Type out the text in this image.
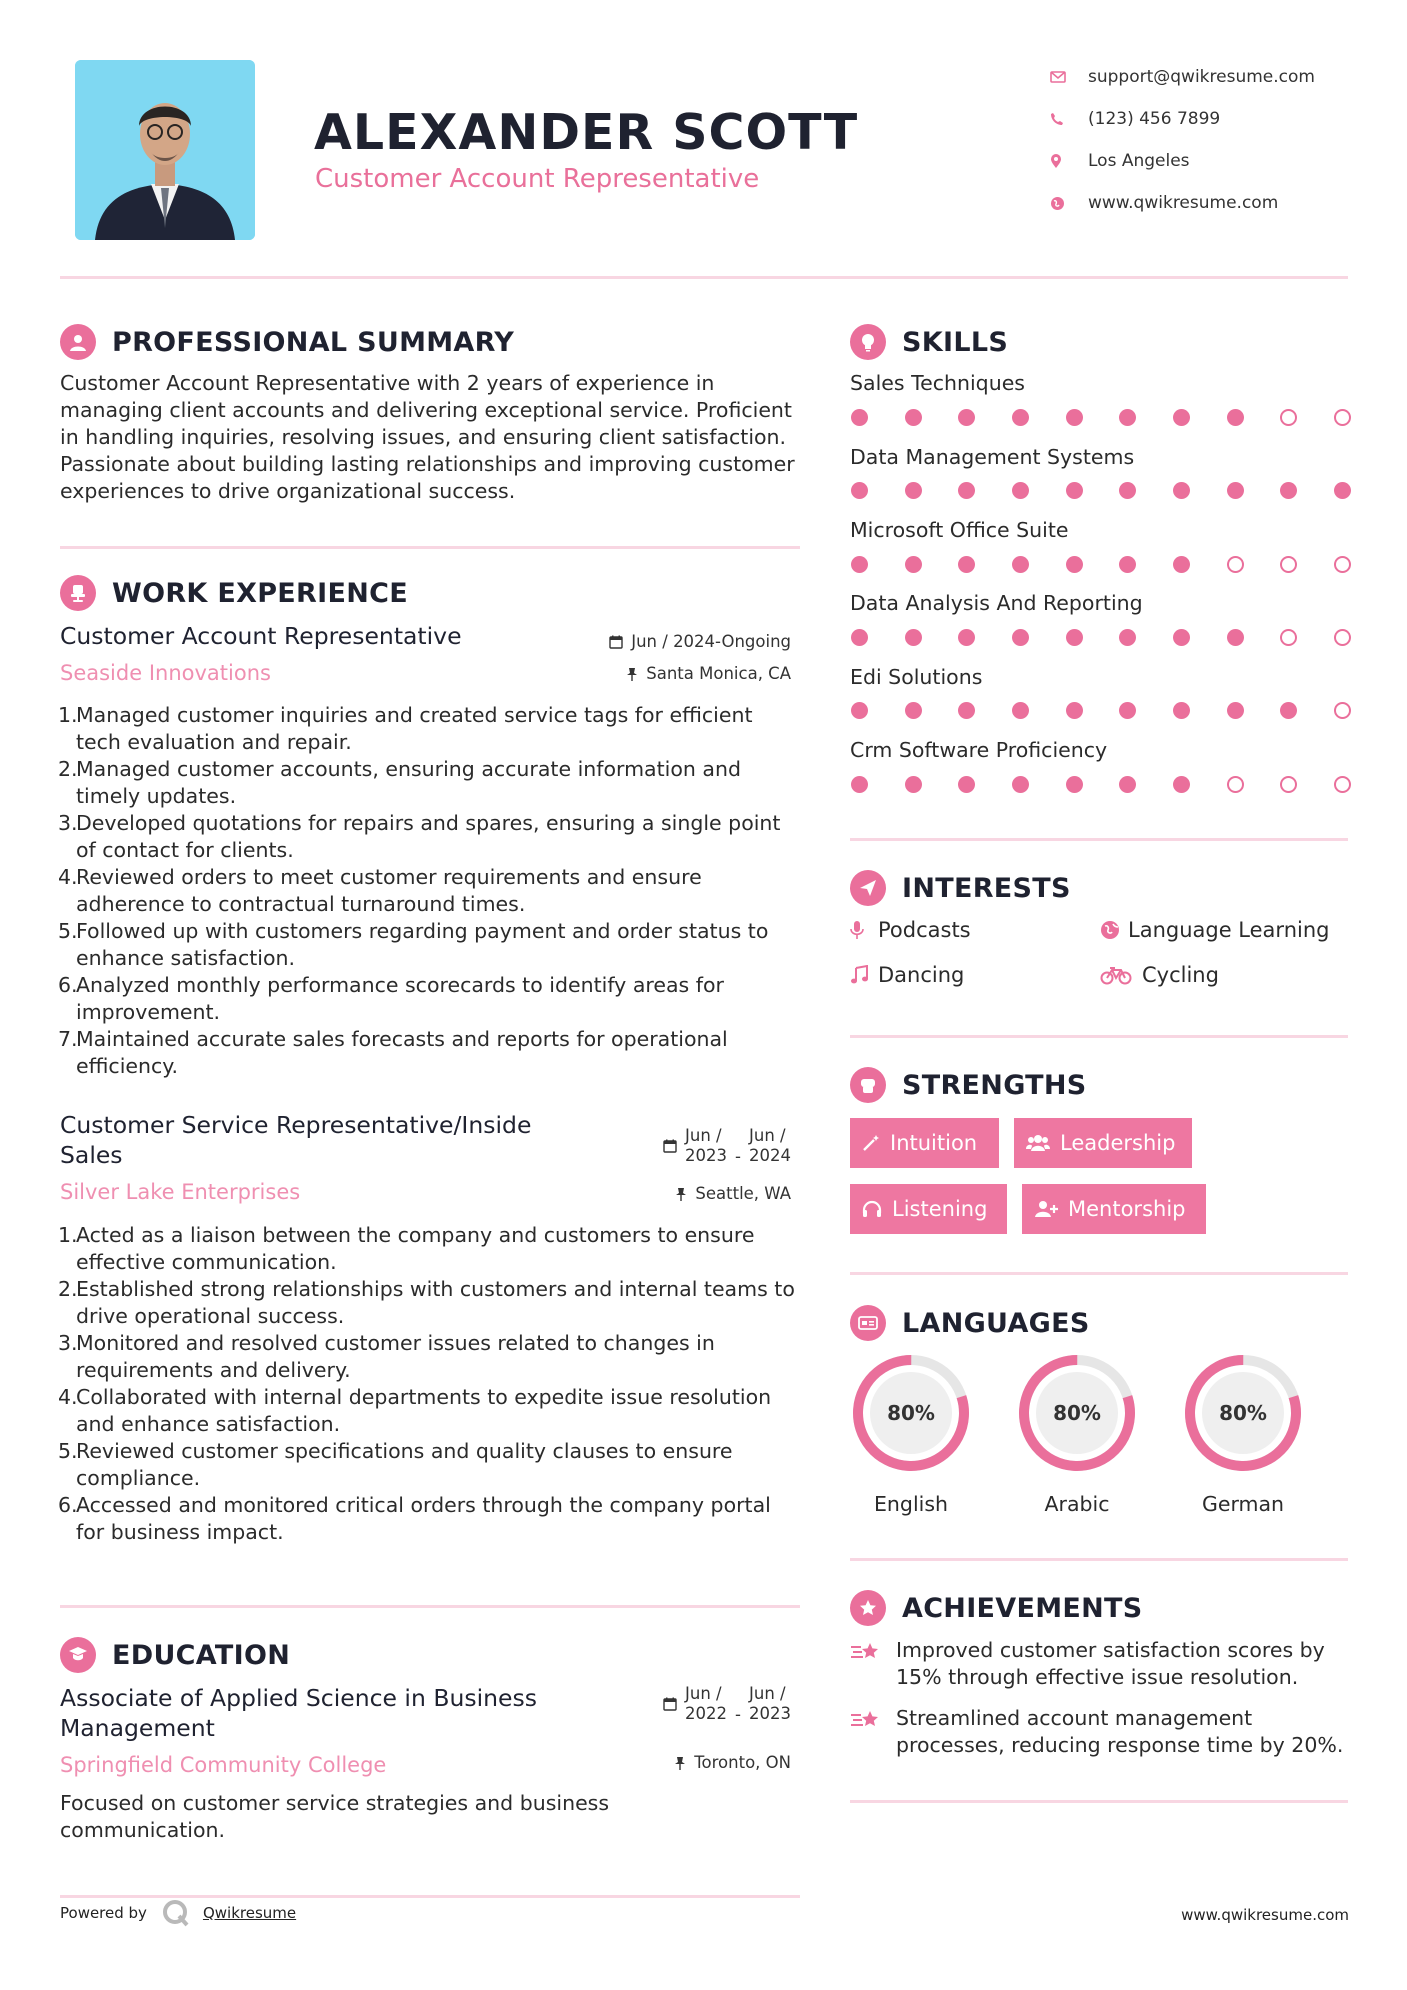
ALEXANDER SCOTT
Customer Account Representative
support@qwikresume.com
(123) 456 7899
Los Angeles
www.qwikresume.com
PROFESSIONAL SUMMARY
Customer Account Representative with 2 years of experience in managing client accounts and delivering exceptional service. Proficient in handling inquiries, resolving issues, and ensuring client satisfaction. Passionate about building lasting relationships and improving customer experiences to drive organizational success.
WORK EXPERIENCE
Customer Account Representative	Jun / 2024-Ongoing
Seaside Innovations	Santa Monica, CA
1.
Managed customer inquiries and created service tags for efficient tech evaluation and repair.
2.
Managed customer accounts, ensuring accurate information and timely updates.
3.
Developed quotations for repairs and spares, ensuring a single point of contact for clients.
4.
Reviewed orders to meet customer requirements and ensure adherence to contractual turnaround times.
5.
Followed up with customers regarding payment and order status to enhance satisfaction.
6.
Analyzed monthly performance scorecards to identify areas for improvement.
7.
Maintained accurate sales forecasts and reports for operational efficiency.
Customer Service Representative/Inside Sales
Jun /
2023 -
Jun /
2024
Silver Lake Enterprises	Seattle, WA
1.
Acted as a liaison between the company and customers to ensure effective communication.
2.
Established strong relationships with customers and internal teams to drive operational success.
3.
Monitored and resolved customer issues related to changes in requirements and delivery.
4.
Collaborated with internal departments to expedite issue resolution and enhance satisfaction.
5.
Reviewed customer specifications and quality clauses to ensure compliance.
6.
Accessed and monitored critical orders through the company portal for business impact.
EDUCATION
Associate of Applied Science in Business Management
Jun /
2022 -
Jun /
2023
Springfield Community College	Toronto, ON
Focused on customer service strategies and business communication.
SKILLS
Sales Techniques
Data Management Systems
Microsoft Office Suite
Data Analysis And Reporting
Edi Solutions
Crm Software Proficiency
INTERESTS
Podcasts	Language Learning
Dancing	Cycling
STRENGTHS
Intuition	Leadership
Listening	Mentorship
LANGUAGES
80%
English
80%
Arabic
80%
German
ACHIEVEMENTS
Improved customer satisfaction scores by 15% through effective issue resolution.
Streamlined account management processes, reducing response time by 20%.
Powered by	Qwikresume	www.qwikresume.com
